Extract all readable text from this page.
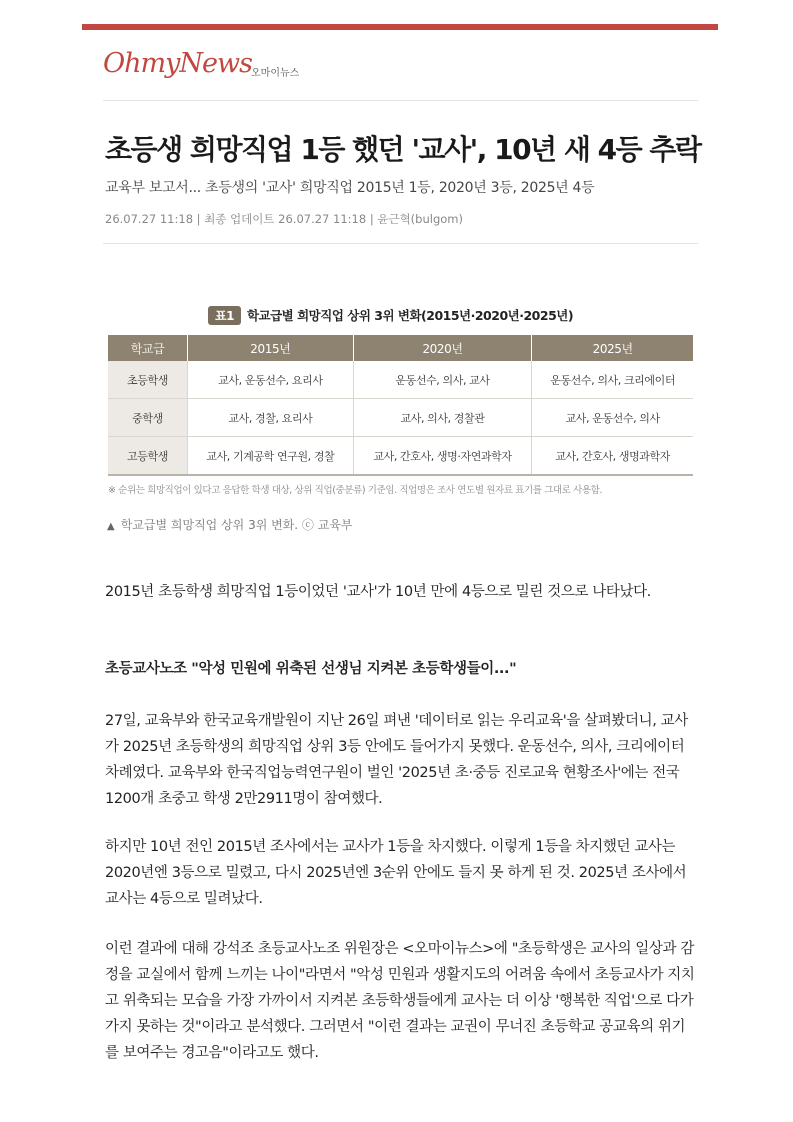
OhmyNews 오마이뉴스
초등생 희망직업 1등 했던 '교사', 10년 새 4등 추락
교육부 보고서... 초등생의 '교사' 희망직업 2015년 1등, 2020년 3등, 2025년 4등
26.07.27 11:18 | 최종 업데이트 26.07.27 11:18 | 윤근혁(bulgom)
표1 학교급별 희망직업 상위 3위 변화(2015년·2020년·2025년)
학교급	2015년	2020년	2025년
초등학생	교사, 운동선수, 요리사	운동선수, 의사, 교사	운동선수, 의사, 크리에이터
중학생	교사, 경찰, 요리사	교사, 의사, 경찰관	교사, 운동선수, 의사
고등학생	교사, 기계공학 연구원, 경찰	교사, 간호사, 생명·자연과학자	교사, 간호사, 생명과학자
※ 순위는 희망직업이 있다고 응답한 학생 대상, 상위 직업(중분류) 기준임. 직업명은 조사 연도별 원자료 표기를 그대로 사용함.
▲ 학교급별 희망직업 상위 3위 변화. ⓒ 교육부

2015년 초등학생 희망직업 1등이었던 '교사'가 10년 만에 4등으로 밀린 것으로 나타났다.

초등교사노조 "악성 민원에 위축된 선생님 지켜본 초등학생들이..."

27일, 교육부와 한국교육개발원이 지난 26일 펴낸 '데이터로 읽는 우리교육'을 살펴봤더니, 교사가 2025년 초등학생의 희망직업 상위 3등 안에도 들어가지 못했다. 운동선수, 의사, 크리에이터 차례였다. 교육부와 한국직업능력연구원이 벌인 '2025년 초·중등 진로교육 현황조사'에는 전국 1200개 초중고 학생 2만2911명이 참여했다.

하지만 10년 전인 2015년 조사에서는 교사가 1등을 차지했다. 이렇게 1등을 차지했던 교사는 2020년엔 3등으로 밀렸고, 다시 2025년엔 3순위 안에도 들지 못 하게 된 것. 2025년 조사에서 교사는 4등으로 밀려났다.

이런 결과에 대해 강석조 초등교사노조 위원장은 <오마이뉴스>에 "초등학생은 교사의 일상과 감정을 교실에서 함께 느끼는 나이"라면서 "악성 민원과 생활지도의 어려움 속에서 초등교사가 지치고 위축되는 모습을 가장 가까이서 지켜본 초등학생들에게 교사는 더 이상 '행복한 직업'으로 다가가지 못하는 것"이라고 분석했다. 그러면서 "이런 결과는 교권이 무너진 초등학교 공교육의 위기를 보여주는 경고음"이라고도 했다.
